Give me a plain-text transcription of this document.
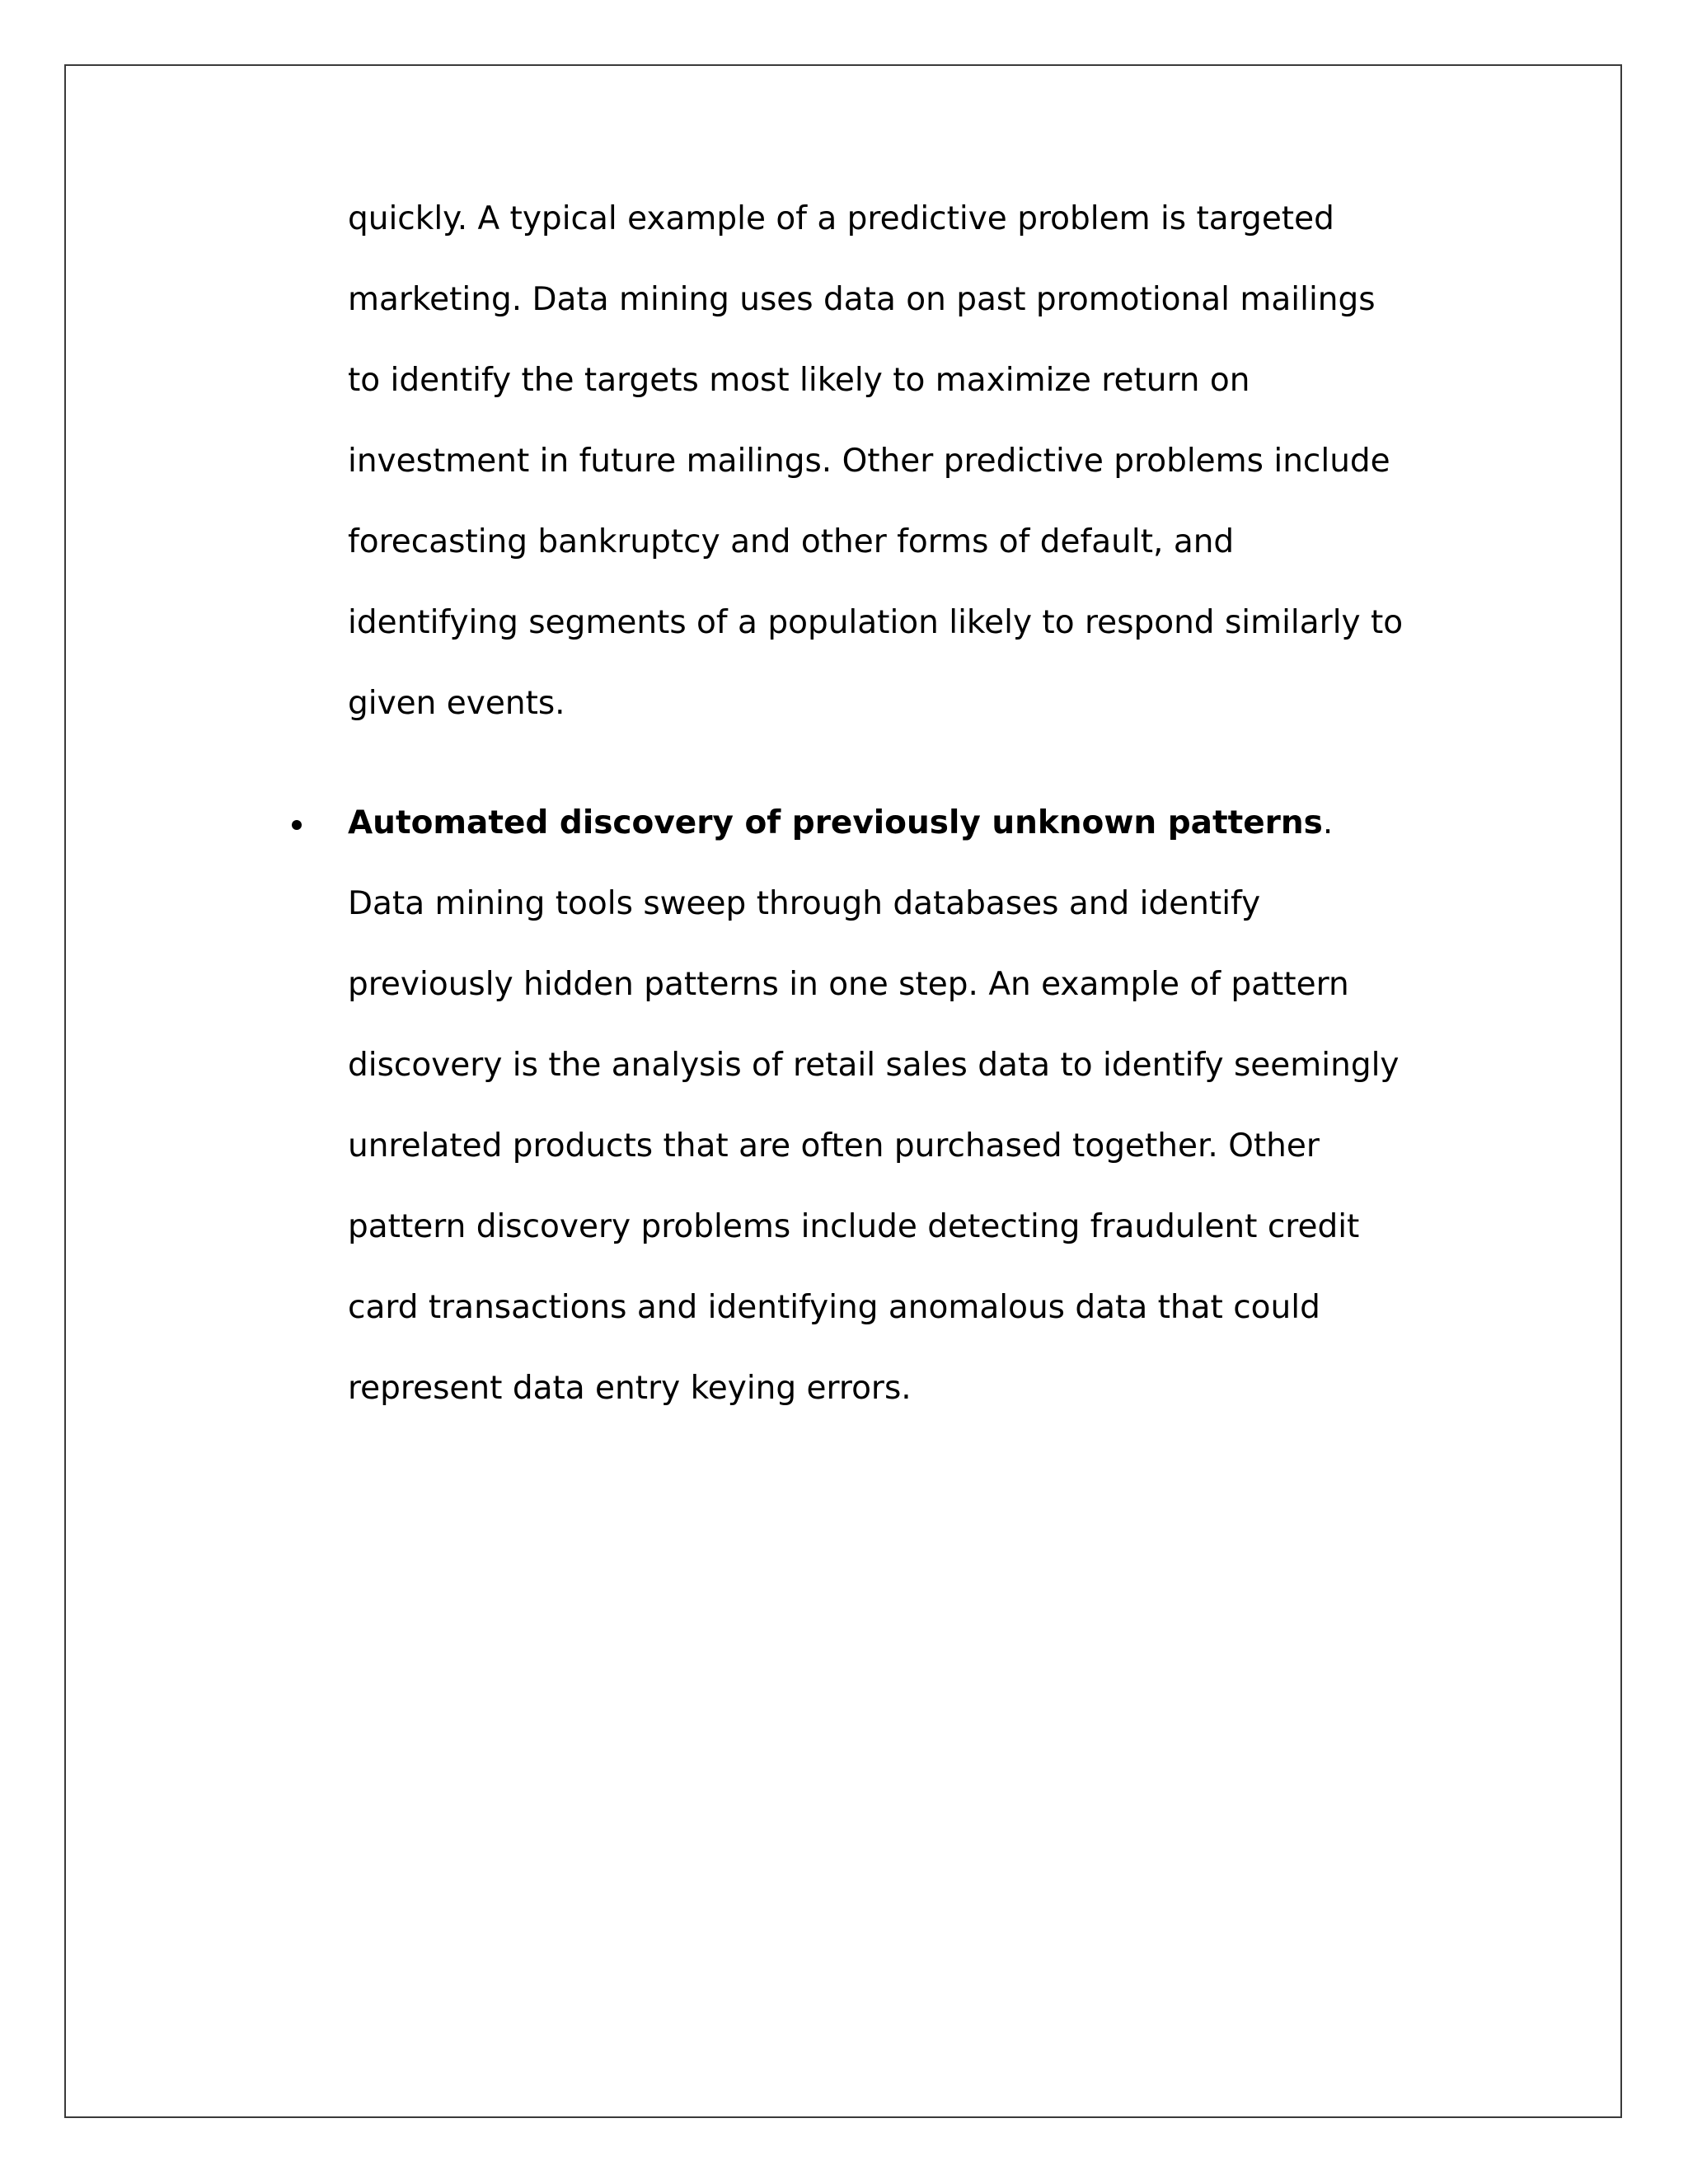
quickly. A typical example of a predictive problem is targeted

marketing. Data mining uses data on past promotional mailings

to identify the targets most likely to maximize return on

investment in future mailings. Other predictive problems include

forecasting bankruptcy and other forms of default, and

identifying segments of a population likely to respond similarly to

given events.

Automated discovery of previously unknown patterns.

Data mining tools sweep through databases and identify

previously hidden patterns in one step. An example of pattern

discovery is the analysis of retail sales data to identify seemingly

unrelated products that are often purchased together. Other

pattern discovery problems include detecting fraudulent credit

card transactions and identifying anomalous data that could

represent data entry keying errors.
